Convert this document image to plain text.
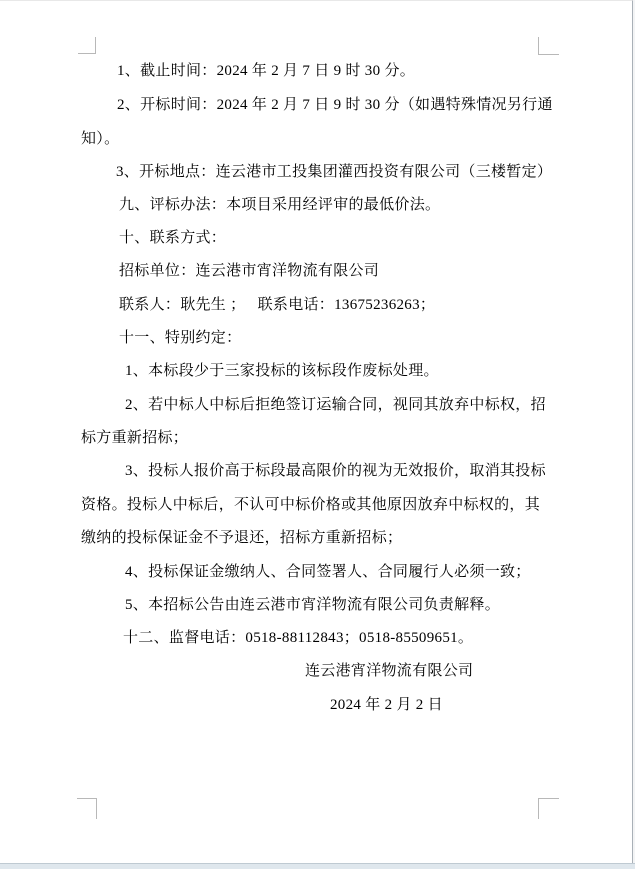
1、截止时间：2024 年 2 月 7 日 9 时 30 分。
2、开标时间：2024 年 2 月 7 日 9 时 30 分（如遇特殊情况另行通
知）。
3、开标地点：连云港市工投集团灌西投资有限公司（三楼暂定）
九、评标办法：本项目采用经评审的最低价法。
十、联系方式：
招标单位：连云港市宵洋物流有限公司
联系人：耿先生 ；   联系电话：13675236263；
十一、特别约定：
1、本标段少于三家投标的该标段作废标处理。
2、若中标人中标后拒绝签订运输合同，视同其放弃中标权，招
标方重新招标；
3、投标人报价高于标段最高限价的视为无效报价，取消其投标
资格。投标人中标后，不认可中标价格或其他原因放弃中标权的，其
缴纳的投标保证金不予退还，招标方重新招标；
4、投标保证金缴纳人、合同签署人、合同履行人必须一致；
5、本招标公告由连云港市宵洋物流有限公司负责解释。
十二、监督电话：0518-88112843；0518-85509651。
连云港宵洋物流有限公司
2024 年 2 月 2 日
